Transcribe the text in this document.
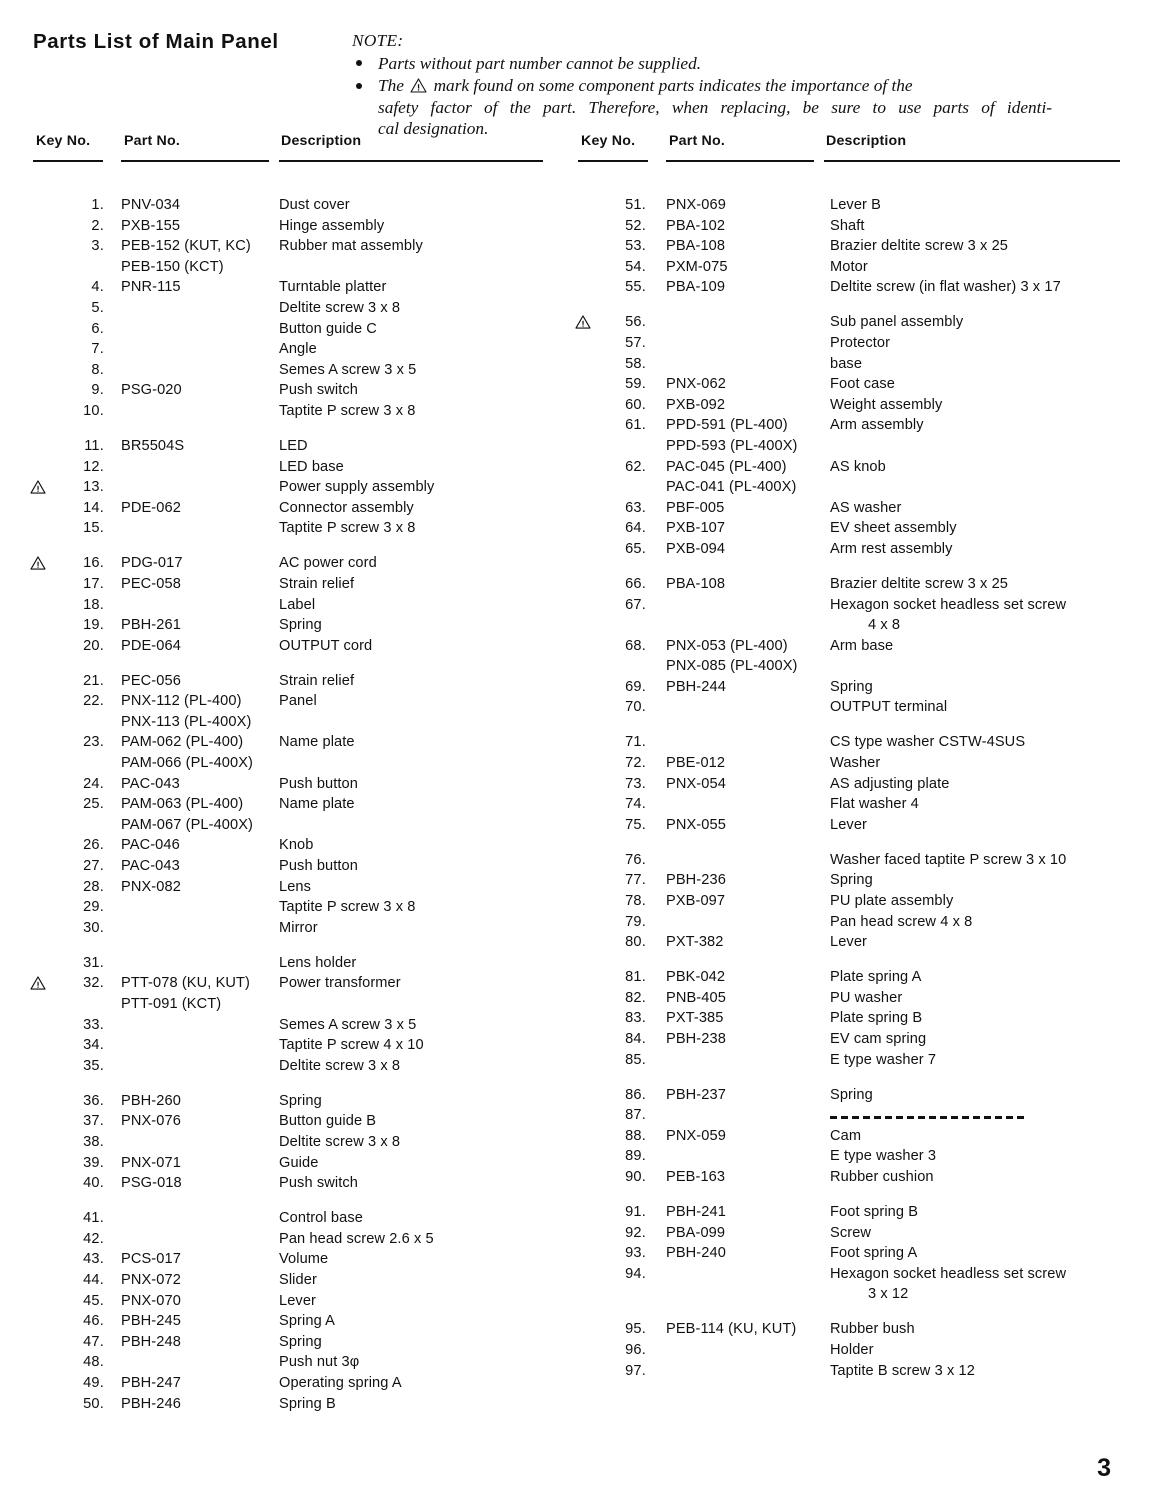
Parts List of Main Panel	NOTE:
Parts without part number cannot be supplied.
The mark found on some component parts indicates the importance of the
safety factor of the part. Therefore, when replacing, be sure to use parts of identi-
cal designation.
Key No. Part No.	Description
1. PNV-034	Dust cover
2. PXB-155	Hinge assembly
3. PEB-152 (KUT, KC) Rubber mat assembly
PEB-150 (KCT)
4. PNR-115	Turntable platter
5.	Deltite screw 3 x 8
6.	Button guide C
7.	Angle
8.	Semes A screw 3 x 5
9. PSG-020	Push switch
10.	Taptite P screw 3 x 8
11. BR5504S	LED
12.	LED base
13.	Power supply assembly
14. PDE-062	Connector assembly
15.	Taptite P screw 3 x 8
16. PDG-017	AC power cord
17. PEC-058	Strain relief
18.	Label
19. PBH-261	Spring
20. PDE-064	OUTPUT cord
21. PEC-056	Strain relief
22. PNX-112 (PL-400)	Panel
PNX-113 (PL-400X)
23. PAM-062 (PL-400) Name plate
PAM-066 (PL-400X)
24. PAC-043	Push button
25. PAM-063 (PL-400) Name plate
PAM-067 (PL-400X)
26. PAC-046	Knob
27. PAC-043	Push button
28. PNX-082	Lens
29.	Taptite P screw 3 x 8
30.	Mirror
31.	Lens holder
32. PTT-078 (KU, KUT) Power transformer
PTT-091 (KCT)
33.	Semes A screw 3 x 5
34.	Taptite P screw 4 x 10
35.	Deltite screw 3 x 8
36. PBH-260	Spring
37. PNX-076	Button guide B
38.	Deltite screw 3 x 8
39. PNX-071	Guide
40. PSG-018	Push switch
41.	Control base
42.	Pan head screw 2.6 x 5
43. PCS-017	Volume
44. PNX-072	Slider
45. PNX-070	Lever
46. PBH-245	Spring A
47. PBH-248	Spring
48.	Push nut 3φ
49. PBH-247	Operating spring A
50. PBH-246	Spring B
Key No. Part No.	Description
51. PNX-069	Lever B
52. PBA-102	Shaft
53. PBA-108	Brazier deltite screw 3 x 25
54. PXM-075	Motor
55. PBA-109	Deltite screw (in flat washer) 3 x 17
56.	Sub panel assembly
57.	Protector
58.	base
59. PNX-062	Foot case
60. PXB-092	Weight assembly
61. PPD-591 (PL-400)	Arm assembly
PPD-593 (PL-400X)
62. PAC-045 (PL-400)	AS knob
PAC-041 (PL-400X)
63. PBF-005	AS washer
64. PXB-107	EV sheet assembly
65. PXB-094	Arm rest assembly
66. PBA-108	Brazier deltite screw 3 x 25
67.	Hexagon socket headless set screw
4 x 8
68. PNX-053 (PL-400)	Arm base
PNX-085 (PL-400X)
69. PBH-244	Spring
70.	OUTPUT terminal
71.	CS type washer CSTW-4SUS
72. PBE-012	Washer
73. PNX-054	AS adjusting plate
74.	Flat washer 4
75. PNX-055	Lever
76.	Washer faced taptite P screw 3 x 10
77. PBH-236	Spring
78. PXB-097	PU plate assembly
79.	Pan head screw 4 x 8
80. PXT-382	Lever
81. PBK-042	Plate spring A
82. PNB-405	PU washer
83. PXT-385	Plate spring B
84. PBH-238	EV cam spring
85.	E type washer 7
86. PBH-237	Spring
87.
88. PNX-059	Cam
89.	E type washer 3
90. PEB-163	Rubber cushion
91. PBH-241	Foot spring B
92. PBA-099	Screw
93. PBH-240	Foot spring A
94.	Hexagon socket headless set screw
3 x 12
95. PEB-114 (KU, KUT) Rubber bush
96.	Holder
97.	Taptite B screw 3 x 12
3
